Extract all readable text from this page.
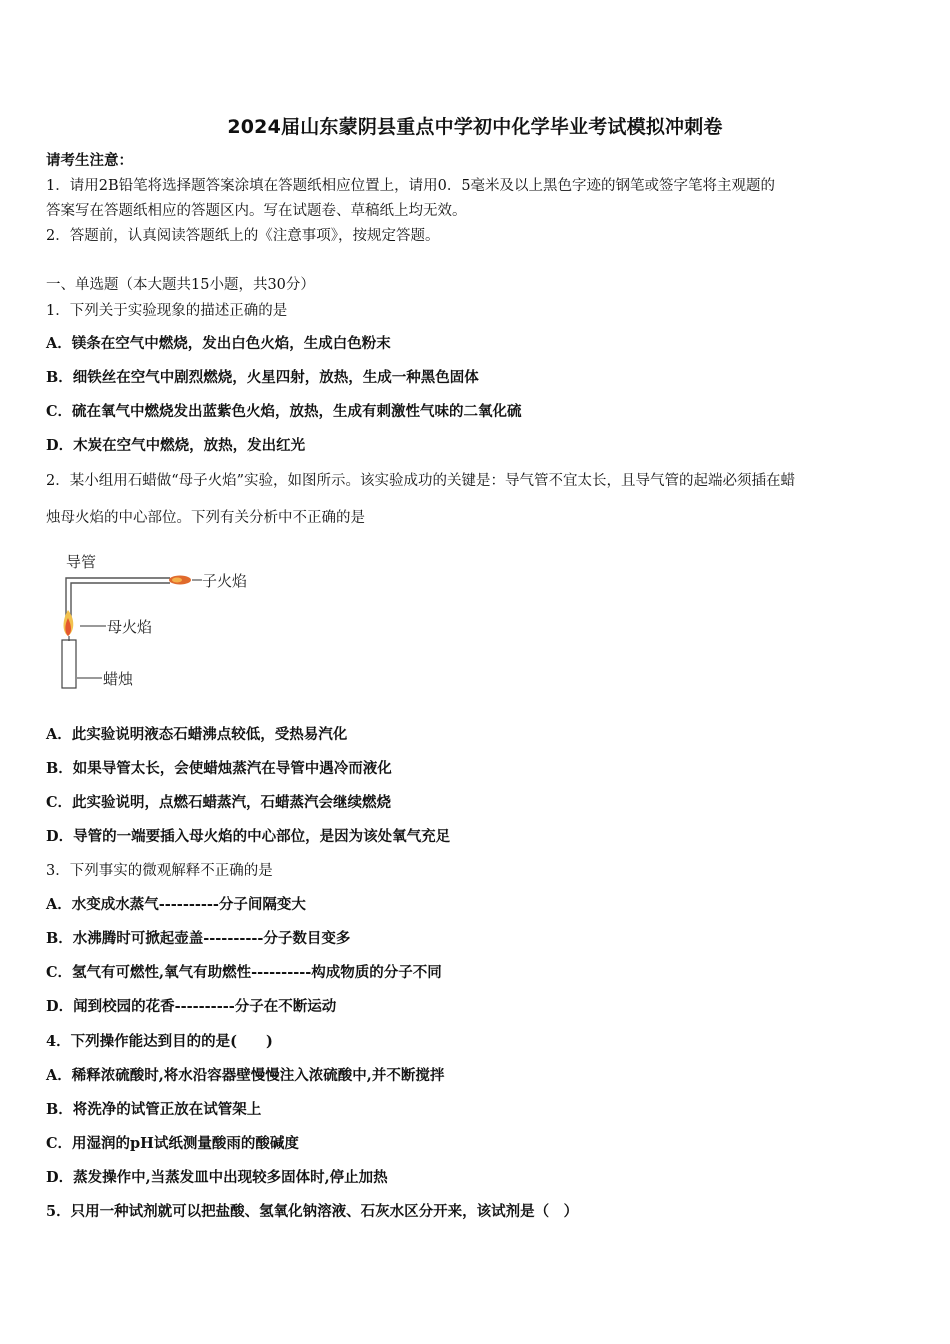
2024届山东蒙阴县重点中学初中化学毕业考试模拟冲刺卷
请考生注意：
1．请用2B铅笔将选择题答案涂填在答题纸相应位置上，请用0．5毫米及以上黑色字迹的钢笔或签字笔将主观题的
答案写在答题纸相应的答题区内。写在试题卷、草稿纸上均无效。
2．答题前，认真阅读答题纸上的《注意事项》，按规定答题。
一、单选题（本大题共15小题，共30分）
1．下列关于实验现象的描述正确的是
A．镁条在空气中燃烧，发出白色火焰，生成白色粉末
B．细铁丝在空气中剧烈燃烧，火星四射，放热，生成一种黑色固体
C．硫在氧气中燃烧发出蓝紫色火焰，放热，生成有刺激性气味的二氧化硫
D．木炭在空气中燃烧，放热，发出红光
2．某小组用石蜡做“母子火焰”实验，如图所示。该实验成功的关键是：导气管不宜太长，且导气管的起端必须插在蜡
烛母火焰的中心部位。下列有关分析中不正确的是
导管
子火焰
母火焰
蜡烛
A．此实验说明液态石蜡沸点较低，受热易汽化
B．如果导管太长，会使蜡烛蒸汽在导管中遇冷而液化
C．此实验说明，点燃石蜡蒸汽，石蜡蒸汽会继续燃烧
D．导管的一端要插入母火焰的中心部位，是因为该处氧气充足
3．下列事实的微观解释不正确的是
A．水变成水蒸气----------分子间隔变大
B．水沸腾时可掀起壶盖----------分子数目变多
C．氢气有可燃性,氧气有助燃性----------构成物质的分子不同
D．闻到校园的花香----------分子在不断运动
4．下列操作能达到目的的是(　　)
A．稀释浓硫酸时,将水沿容器壁慢慢注入浓硫酸中,并不断搅拌
B．将洗净的试管正放在试管架上
C．用湿润的pH试纸测量酸雨的酸碱度
D．蒸发操作中,当蒸发皿中出现较多固体时,停止加热
5．只用一种试剂就可以把盐酸、氢氧化钠溶液、石灰水区分开来，该试剂是（　）
